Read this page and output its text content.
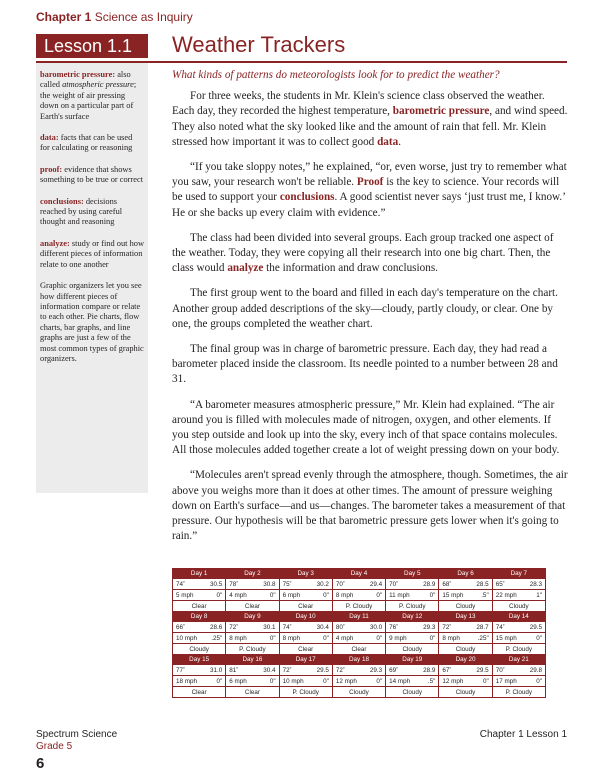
Chapter 1 Science as Inquiry
Lesson 1.1	Weather Trackers
barometric pressure: also called atmospheric pressure; the weight of air pressing down on a particular part of Earth's surface
data: facts that can be used for calculating or reasoning
proof: evidence that shows something to be true or correct
conclusions: decisions reached by using careful thought and reasoning
analyze: study or find out how different pieces of information relate to one another
Graphic organizers let you see how different pieces of information compare or relate to each other. Pie charts, flow charts, bar graphs, and line graphs are just a few of the most common types of graphic organizers.

What kinds of patterns do meteorologists look for to predict the weather?

For three weeks, the students in Mr. Klein's science class observed the weather. Each day, they recorded the highest temperature, barometric pressure, and wind speed. They also noted what the sky looked like and the amount of rain that fell. Mr. Klein stressed how important it was to collect good data.

“If you take sloppy notes,” he explained, “or, even worse, just try to remember what you saw, your research won't be reliable. Proof is the key to science. Your records will be used to support your conclusions. A good scientist never says ‘just trust me, I know.’ He or she backs up every claim with evidence.”

The class had been divided into several groups. Each group tracked one aspect of the weather. Today, they were copying all their research into one big chart. Then, the class would analyze the information and draw conclusions.

The first group went to the board and filled in each day's temperature on the chart. Another group added descriptions of the sky—cloudy, partly cloudy, or clear. One by one, the groups completed the weather chart.

The final group was in charge of barometric pressure. Each day, they had read a barometer placed inside the classroom. Its needle pointed to a number between 28 and 31.

“A barometer measures atmospheric pressure,” Mr. Klein had explained. “The air around you is filled with molecules made of nitrogen, oxygen, and other elements. If you step outside and look up into the sky, every inch of that space contains molecules. All those molecules added together create a lot of weight pressing down on your body.

“Molecules aren't spread evenly through the atmosphere, though. Sometimes, the air above you weighs more than it does at other times. The amount of pressure weighing down on Earth's surface—and us—changes. The barometer takes a measurement of that pressure. Our hypothesis will be that barometric pressure gets lower when it's going to rain.”

Day 1	Day 2	Day 3	Day 4	Day 5	Day 6	Day 7

74˚ 30.5	78˚ 30.8	75˚ 30.2	70˚ 29.4	70˚ 28.9	68˚ 28.5	65˚ 28.3

5 mph 0"	4 mph 0"	6 mph 0"	8 mph 0"	11 mph 0"	15 mph .5"	22 mph 1"

Clear	Clear	Clear	P. Cloudy	P. Cloudy	Cloudy	Cloudy
Day 8	Day 9	Day 10	Day 11	Day 12	Day 13	Day 14

66˚ 28.6	72˚ 30.1	74˚ 30.4	80˚ 30.0	76˚ 29.3	72˚ 28.7	74˚ 29.5

10 mph .25"	8 mph 0"	8 mph 0"	4 mph 0"	9 mph 0"	8 mph .25"	15 mph 0"

Cloudy	P. Cloudy	Clear	Clear	Cloudy	Cloudy	P. Cloudy
Day 15	Day 16	Day 17	Day 18	Day 19	Day 20	Day 21

77˚ 31.0	81˚ 30.4	72˚ 29.5	72˚ 29.3	69˚ 28.9	67˚ 29.5	70˚ 29.8

18 mph 0"	6 mph 0"	10 mph 0"	12 mph 0"	14 mph .5"	12 mph 0"	17 mph 0"

Clear	Clear	P. Cloudy	Cloudy	Cloudy	Cloudy	P. Cloudy
Spectrum Science
Grade 5
6
Chapter 1 Lesson 1
